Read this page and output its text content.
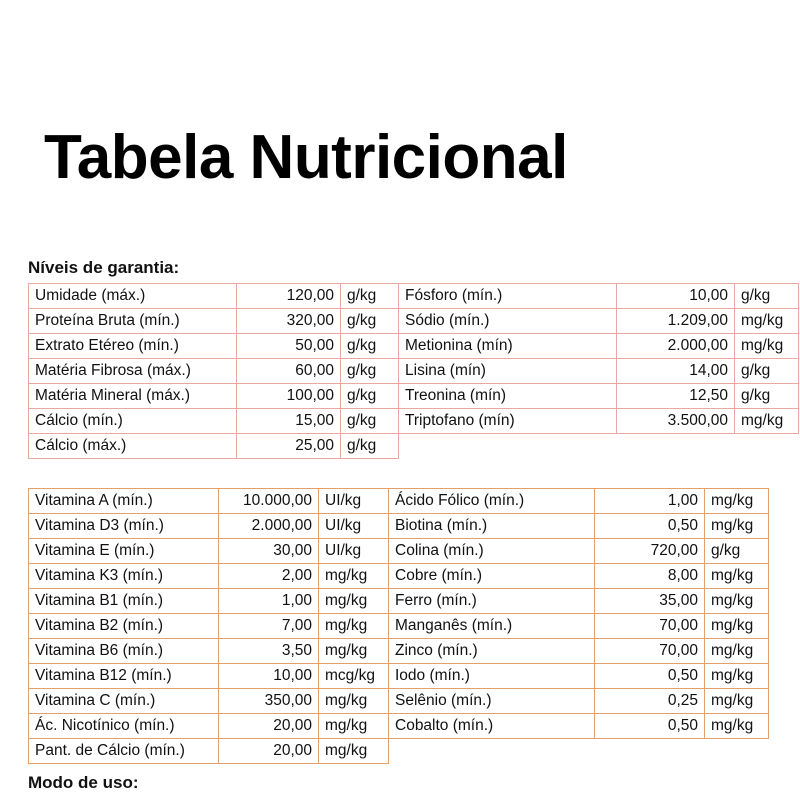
Tabela Nutricional
Níveis de garantia:
Umidade (máx.)	120,00	g/kg	Fósforo (mín.)	10,00	g/kg
Proteína Bruta (mín.)	320,00	g/kg	Sódio (mín.)	1.209,00	mg/kg
Extrato Etéreo (mín.)	50,00	g/kg	Metionina (mín)	2.000,00	mg/kg
Matéria Fibrosa (máx.)	60,00	g/kg	Lisina (mín)	14,00	g/kg
Matéria Mineral (máx.)	100,00	g/kg	Treonina (mín)	12,50	g/kg
Cálcio (mín.)	15,00	g/kg	Triptofano (mín)	3.500,00	mg/kg
Cálcio (máx.)	25,00	g/kg			
Vitamina A (mín.)	10.000,00	UI/kg	Ácido Fólico (mín.)	1,00	mg/kg
Vitamina D3 (mín.)	2.000,00	UI/kg	Biotina (mín.)	0,50	mg/kg
Vitamina E (mín.)	30,00	UI/kg	Colina (mín.)	720,00	g/kg
Vitamina K3 (mín.)	2,00	mg/kg	Cobre (mín.)	8,00	mg/kg
Vitamina B1 (mín.)	1,00	mg/kg	Ferro (mín.)	35,00	mg/kg
Vitamina B2 (mín.)	7,00	mg/kg	Manganês (mín.)	70,00	mg/kg
Vitamina B6 (mín.)	3,50	mg/kg	Zinco (mín.)	70,00	mg/kg
Vitamina B12 (mín.)	10,00	mcg/kg	Iodo (mín.)	0,50	mg/kg
Vitamina C (mín.)	350,00	mg/kg	Selênio (mín.)	0,25	mg/kg
Ác. Nicotínico (mín.)	20,00	mg/kg	Cobalto (mín.)	0,50	mg/kg
Pant. de Cálcio (mín.)	20,00	mg/kg			
Modo de uso:
